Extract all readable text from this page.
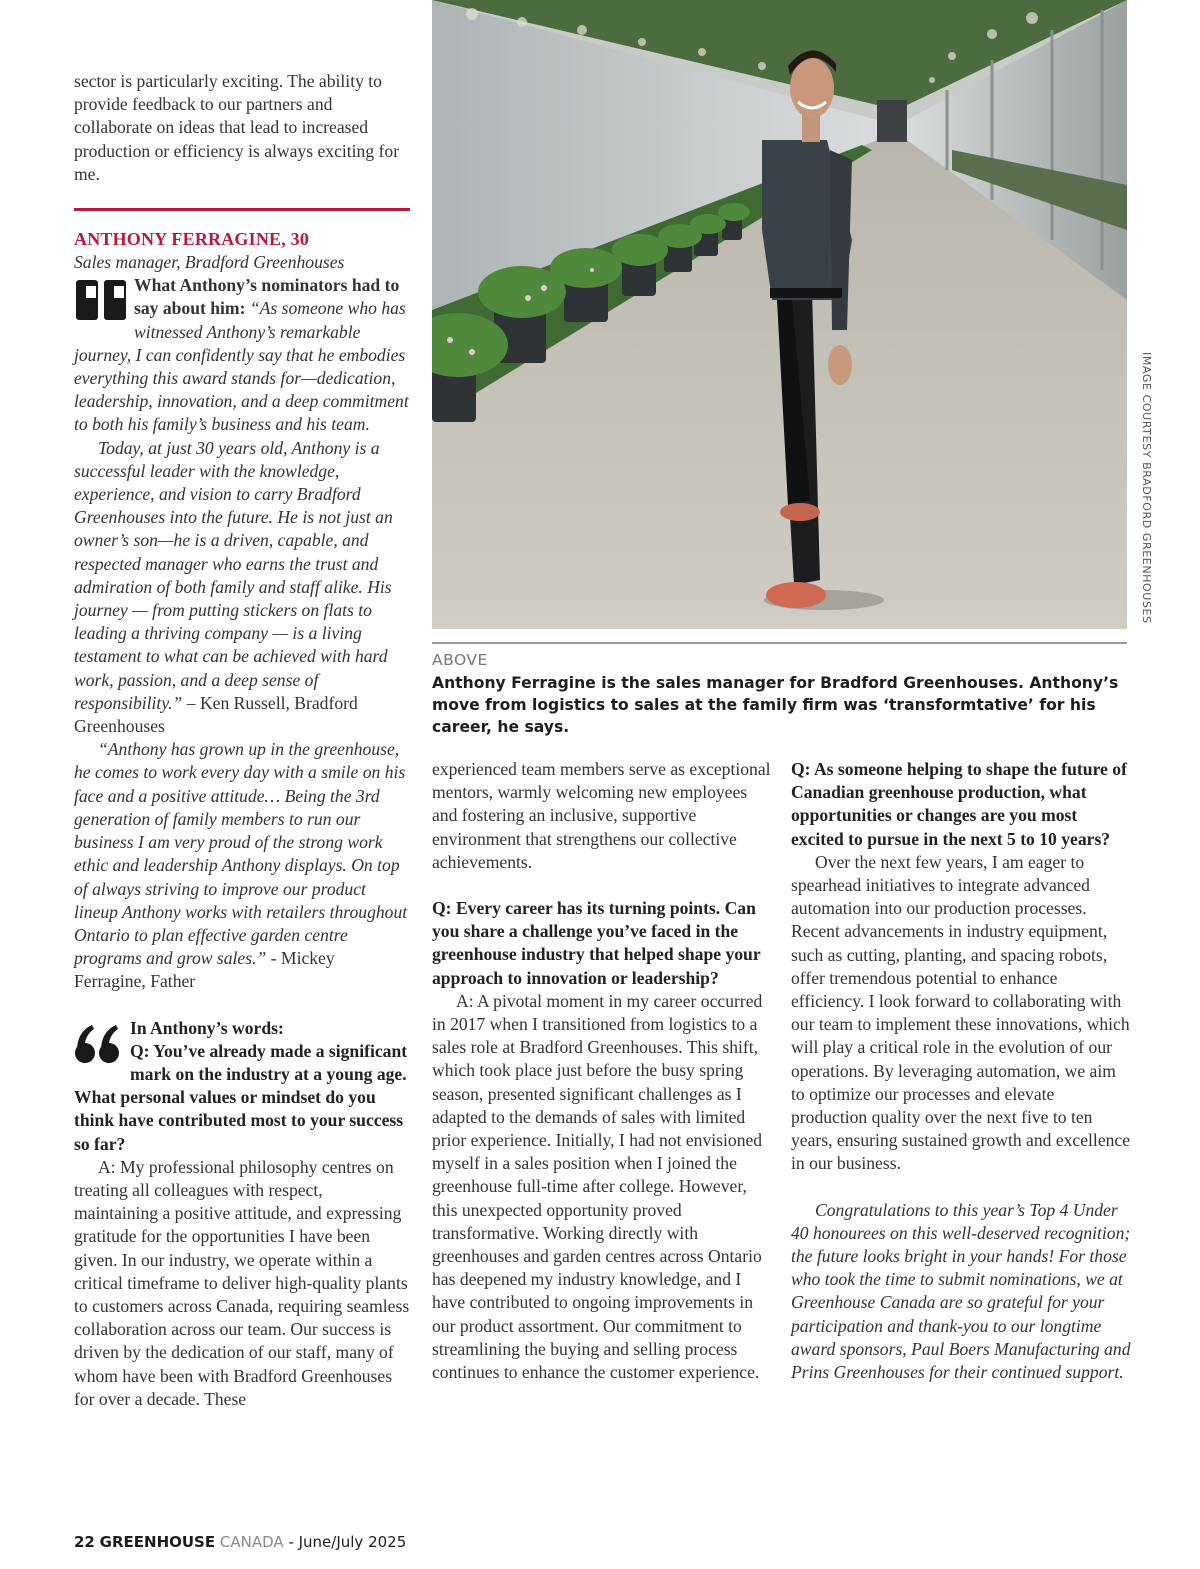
sector is particularly exciting. The ability to provide feedback to our partners and collaborate on ideas that lead to increased production or efficiency is always exciting for me.

ANTHONY FERRAGINE, 30

Sales manager, Bradford Greenhouses

What Anthony’s nominators had to say about him: “As someone who has witnessed Anthony’s remarkable journey, I can confidently say that he embodies everything this award stands for—dedication, leadership, innovation, and a deep commitment to both his family’s business and his team.

Today, at just 30 years old, Anthony is a successful leader with the knowledge, experience, and vision to carry Bradford Greenhouses into the future. He is not just an owner’s son—he is a driven, capable, and respected manager who earns the trust and admiration of both family and staff alike. His journey — from putting stickers on flats to leading a thriving company — is a living testament to what can be achieved with hard work, passion, and a deep sense of responsibility.” – Ken Russell, Bradford Greenhouses

“Anthony has grown up in the greenhouse, he comes to work every day with a smile on his face and a positive attitude… Being the 3rd generation of family members to run our business I am very proud of the strong work ethic and leadership Anthony displays. On top of always striving to improve our product lineup Anthony works with retailers throughout Ontario to plan effective garden centre programs and grow sales.” - Mickey Ferragine, Father

In Anthony’s words:
Q: You’ve already made a significant mark on the industry at a young age. What personal values or mindset do you think have contributed most to your success so far?

A: My professional philosophy centres on treating all colleagues with respect, maintaining a positive attitude, and expressing gratitude for the opportunities I have been given. In our industry, we operate within a critical timeframe to deliver high-quality plants to customers across Canada, requiring seamless collaboration across our team. Our success is driven by the dedication of our staff, many of whom have been with Bradford Greenhouses for over a decade. These

IMAGE COURTESY BRADFORD GREENHOUSES
ABOVE
Anthony Ferragine is the sales manager for Bradford Greenhouses. Anthony’s move from logistics to sales at the family firm was ‘transformtative’ for his career, he says.

experienced team members serve as exceptional mentors, warmly welcoming new employees and fostering an inclusive, supportive environment that strengthens our collective achievements.

Q: Every career has its turning points. Can you share a challenge you’ve faced in the greenhouse industry that helped shape your approach to innovation or leadership?

A: A pivotal moment in my career occurred in 2017 when I transitioned from logistics to a sales role at Bradford Greenhouses. This shift, which took place just before the busy spring season, presented significant challenges as I adapted to the demands of sales with limited prior experience. Initially, I had not envisioned myself in a sales position when I joined the greenhouse full-time after college. However, this unexpected opportunity proved transformative. Working directly with greenhouses and garden centres across Ontario has deepened my industry knowledge, and I have contributed to ongoing improvements in our product assortment. Our commitment to streamlining the buying and selling process continues to enhance the customer experience.

Q: As someone helping to shape the future of Canadian greenhouse production, what opportunities or changes are you most excited to pursue in the next 5 to 10 years?

Over the next few years, I am eager to spearhead initiatives to integrate advanced automation into our production processes. Recent advancements in industry equipment, such as cutting, planting, and spacing robots, offer tremendous potential to enhance efficiency. I look forward to collaborating with our team to implement these innovations, which will play a critical role in the evolution of our operations. By leveraging automation, we aim to optimize our processes and elevate production quality over the next five to ten years, ensuring sustained growth and excellence in our business.

Congratulations to this year’s Top 4 Under 40 honourees on this well-deserved recognition; the future looks bright in your hands! For those who took the time to submit nominations, we at Greenhouse Canada are so grateful for your participation and thank-you to our longtime award sponsors, Paul Boers Manufacturing and Prins Greenhouses for their continued support.

22 GREENHOUSE CANADA - June/July 2025
